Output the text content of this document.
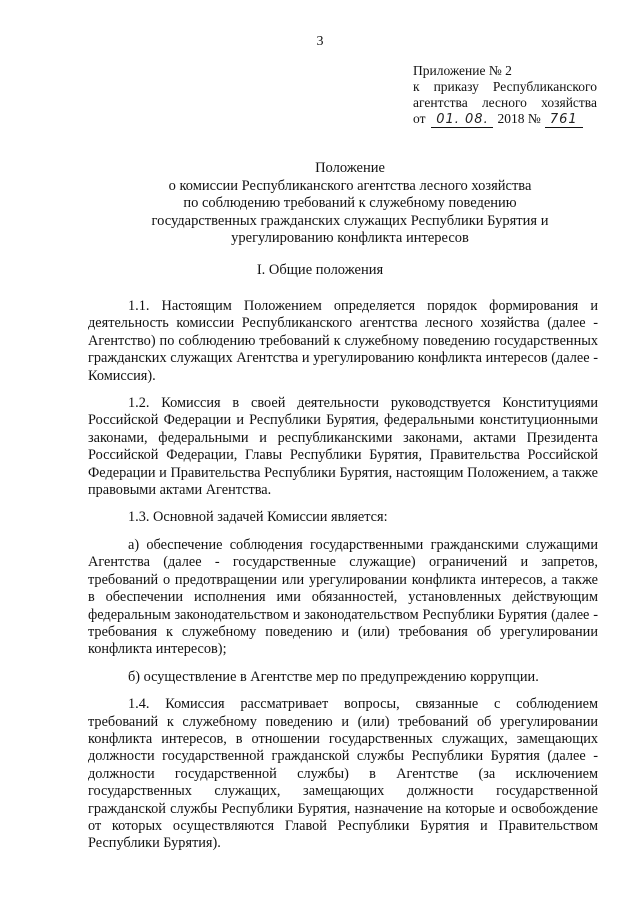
3
Приложение № 2
к приказу Республиканского
агентства лесного хозяйства
от 01. 08. 2018 № 761
Положение
о комиссии Республиканского агентства лесного хозяйства
по соблюдению требований к служебному поведению
государственных гражданских служащих Республики Бурятия и
урегулированию конфликта интересов
I. Общие положения

1.1. Настоящим Положением определяется порядок формирования и деятельность комиссии Республиканского агентства лесного хозяйства (далее - Агентство) по соблюдению требований к служебному поведению государственных гражданских служащих Агентства и урегулированию конфликта интересов (далее - Комиссия).

1.2. Комиссия в своей деятельности руководствуется Конституциями Российской Федерации и Республики Бурятия, федеральными конституционными законами, федеральными и республиканскими законами, актами Президента Российской Федерации, Главы Республики Бурятия, Правительства Российской Федерации и Правительства Республики Бурятия, настоящим Положением, а также правовыми актами Агентства.

1.3. Основной задачей Комиссии является:

а) обеспечение соблюдения государственными гражданскими служащими Агентства (далее - государственные служащие) ограничений и запретов, требований о предотвращении или урегулировании конфликта интересов, а также в обеспечении исполнения ими обязанностей, установленных действующим федеральным законодательством и законодательством Республики Бурятия (далее - требования к служебному поведению и (или) требования об урегулировании конфликта интересов);

б) осуществление в Агентстве мер по предупреждению коррупции.

1.4. Комиссия рассматривает вопросы, связанные с соблюдением требований к служебному поведению и (или) требований об урегулировании конфликта интересов, в отношении государственных служащих, замещающих должности государственной гражданской службы Республики Бурятия (далее - должности государственной службы) в Агентстве (за исключением государственных служащих, замещающих должности государственной гражданской службы Республики Бурятия, назначение на которые и освобождение от которых осуществляются Главой Республики Бурятия и Правительством Республики Бурятия).
